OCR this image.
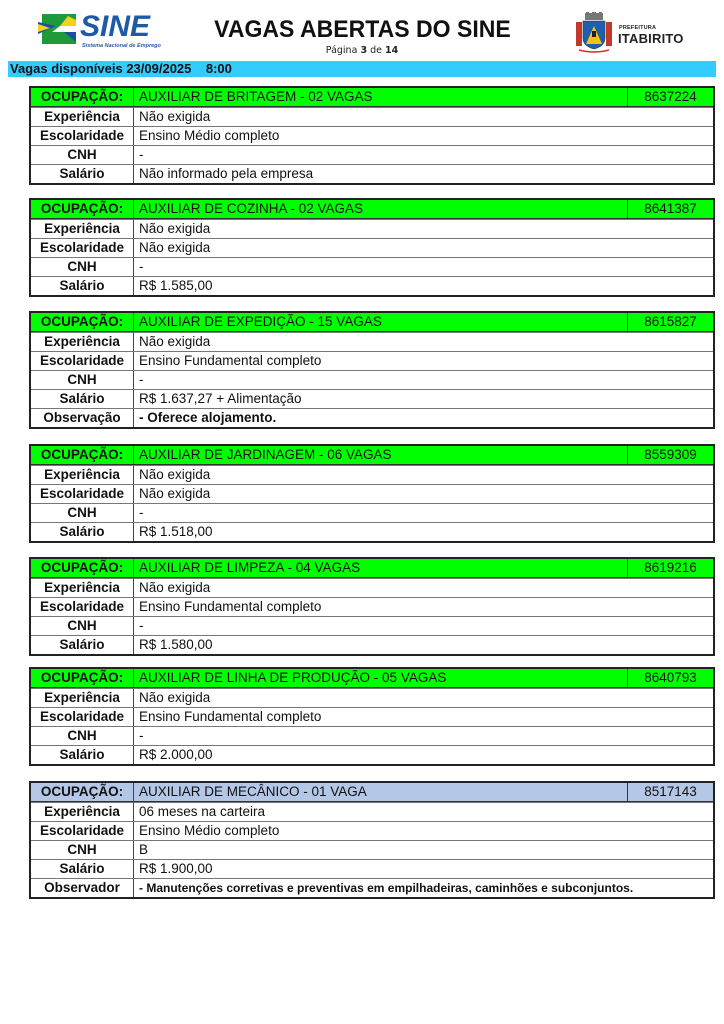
SINE
Sistema Nacional de Emprego
VAGAS ABERTAS DO SINE
Página 3 de 14
PREFEITURA
ITABIRITO
Vagas disponíveis 23/09/2025 8:00
OCUPAÇÃO:	AUXILIAR DE BRITAGEM - 02 VAGAS	8637224
Experiência	Não exigida
Escolaridade	Ensino Médio completo
CNH	-
Salário	Não informado pela empresa
OCUPAÇÃO:	AUXILIAR DE COZINHA - 02 VAGAS	8641387
Experiência	Não exigida
Escolaridade	Não exigida
CNH	-
Salário	R$ 1.585,00
OCUPAÇÃO:	AUXILIAR DE EXPEDIÇÃO - 15 VAGAS	8615827
Experiência	Não exigida
Escolaridade	Ensino Fundamental completo
CNH	-
Salário	R$ 1.637,27 + Alimentação
Observação	- Oferece alojamento.
OCUPAÇÃO:	AUXILIAR DE JARDINAGEM - 06 VAGAS	8559309
Experiência	Não exigida
Escolaridade	Não exigida
CNH	-
Salário	R$ 1.518,00
OCUPAÇÃO:	AUXILIAR DE LIMPEZA - 04 VAGAS	8619216
Experiência	Não exigida
Escolaridade	Ensino Fundamental completo
CNH	-
Salário	R$ 1.580,00
OCUPAÇÃO:	AUXILIAR DE LINHA DE PRODUÇÃO - 05 VAGAS	8640793
Experiência	Não exigida
Escolaridade	Ensino Fundamental completo
CNH	-
Salário	R$ 2.000,00
OCUPAÇÃO:	AUXILIAR DE MECÂNICO - 01 VAGA	8517143
Experiência	06 meses na carteira
Escolaridade	Ensino Médio completo
CNH	B
Salário	R$ 1.900,00
Observador	- Manutenções corretivas e preventivas em empilhadeiras, caminhões e subconjuntos.
